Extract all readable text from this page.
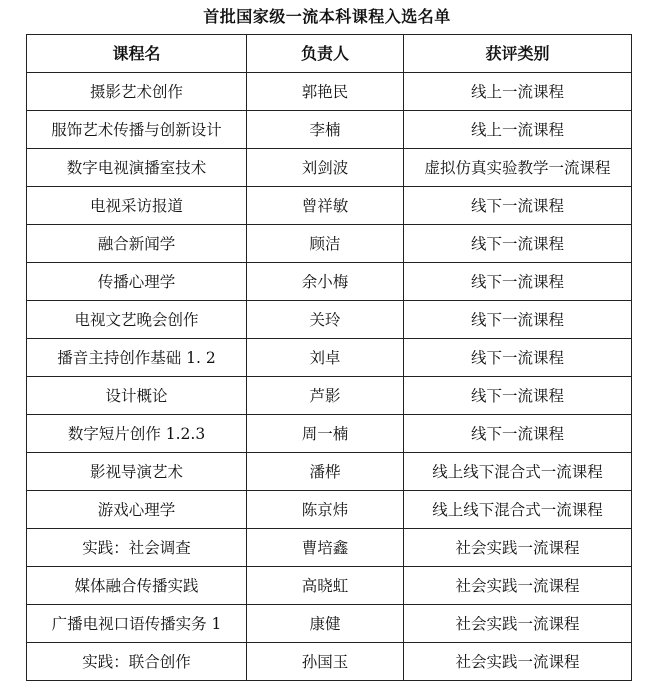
首批国家级一流本科课程入选名单
课程名	负责人	获评类别
摄影艺术创作	郭艳民	线上一流课程
服饰艺术传播与创新设计	李楠	线上一流课程
数字电视演播室技术	刘剑波	虚拟仿真实验教学一流课程
电视采访报道	曾祥敏	线下一流课程
融合新闻学	顾洁	线下一流课程
传播心理学	余小梅	线下一流课程
电视文艺晚会创作	关玲	线下一流课程
播音主持创作基础 1. 2	刘卓	线下一流课程
设计概论	芦影	线下一流课程
数字短片创作 1.2.3	周一楠	线下一流课程
影视导演艺术	潘桦	线上线下混合式一流课程
游戏心理学	陈京炜	线上线下混合式一流课程
实践：社会调查	曹培鑫	社会实践一流课程
媒体融合传播实践	高晓虹	社会实践一流课程
广播电视口语传播实务 1	康健	社会实践一流课程
实践：联合创作	孙国玉	社会实践一流课程
